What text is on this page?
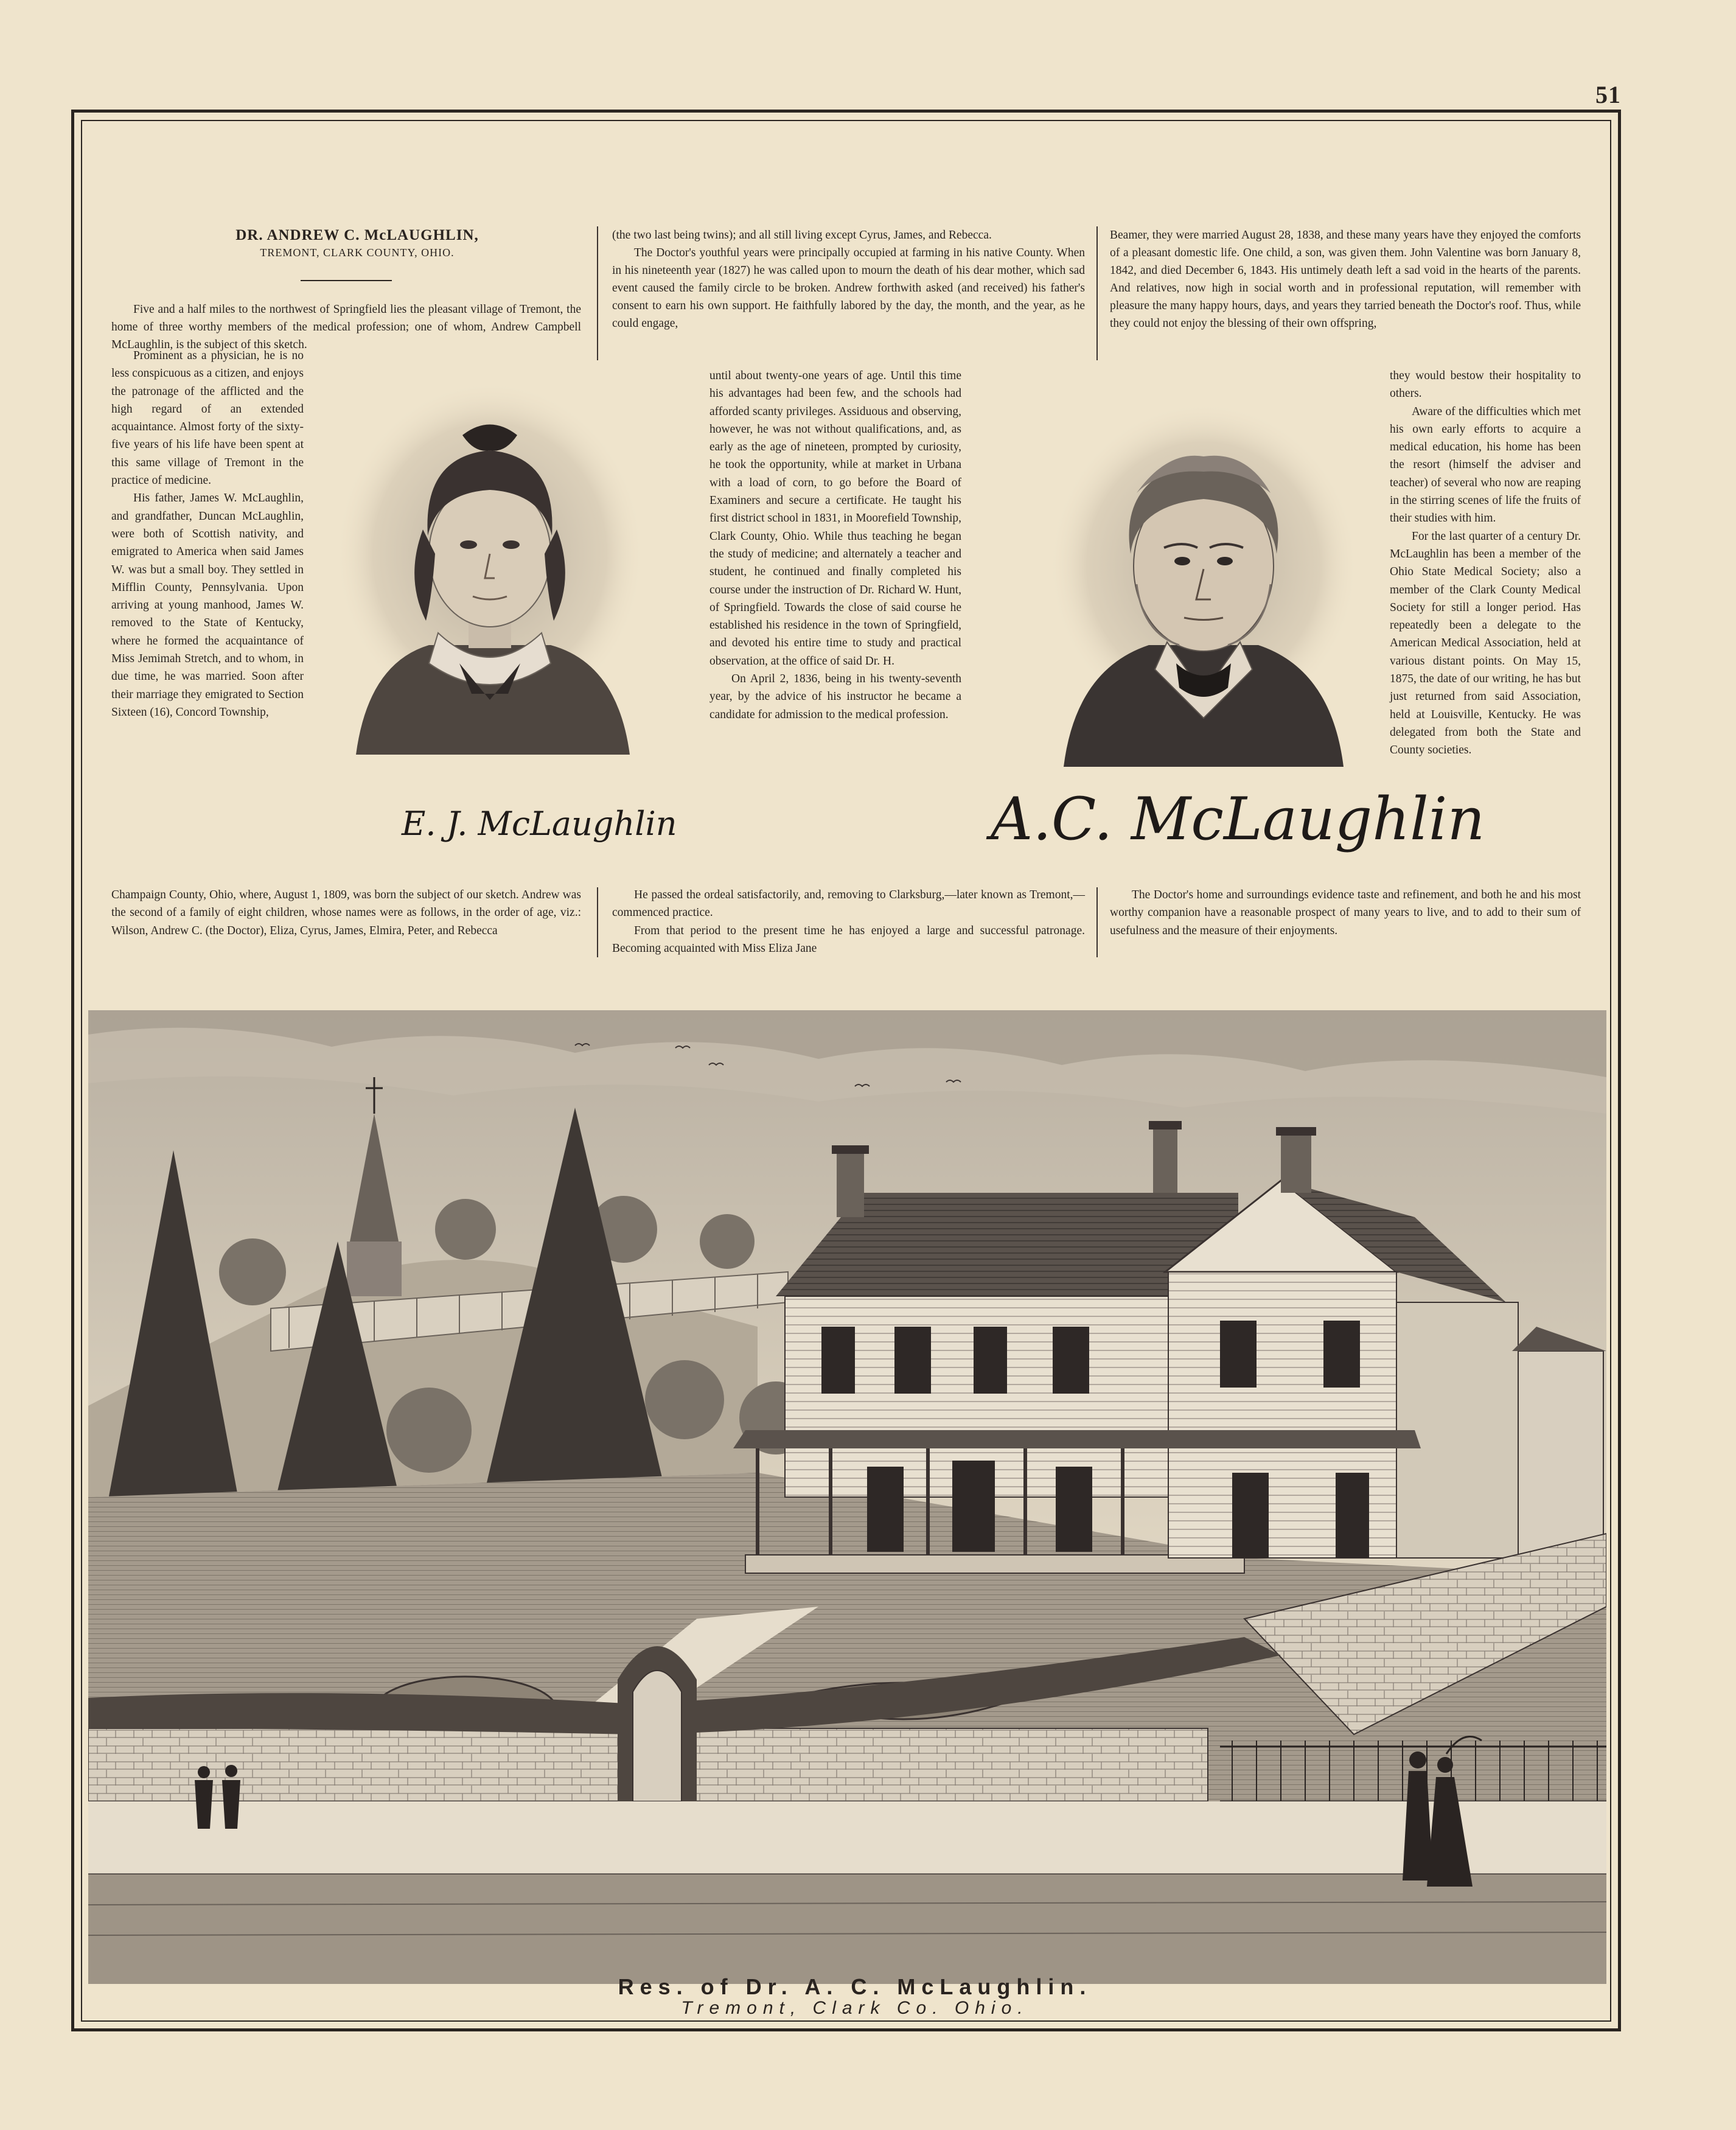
51

DR. ANDREW C. McLAUGHLIN,

TREMONT, CLARK COUNTY, OHIO.

Five and a half miles to the northwest of Springfield lies the pleasant village of Tremont, the home of three worthy members of the medical profession; one of whom, Andrew Campbell McLaughlin, is the subject of this sketch.

Prominent as a physician, he is no less conspicuous as a citizen, and enjoys the patronage of the afflicted and the high regard of an extended acquaintance. Almost forty of the sixty-five years of his life have been spent at this same village of Tremont in the practice of medicine.

His father, James W. McLaughlin, and grandfather, Duncan McLaughlin, were both of Scottish nativity, and emigrated to America when said James W. was but a small boy. They settled in Mifflin County, Pennsylvania. Upon arriving at young manhood, James W. removed to the State of Kentucky, where he formed the acquaintance of Miss Jemimah Stretch, and to whom, in due time, he was married. Soon after their marriage they emigrated to Section Sixteen (16), Concord Township,

Champaign County, Ohio, where, August 1, 1809, was born the subject of our sketch. Andrew was the second of a family of eight children, whose names were as follows, in the order of age, viz.: Wilson, Andrew C. (the Doctor), Eliza, Cyrus, James, Elmira, Peter, and Rebecca

(the two last being twins); and all still living except Cyrus, James, and Rebecca.

The Doctor's youthful years were principally occupied at farming in his native County. When in his nineteenth year (1827) he was called upon to mourn the death of his dear mother, which sad event caused the family circle to be broken. Andrew forthwith asked (and received) his father's consent to earn his own support. He faithfully labored by the day, the month, and the year, as he could engage,

until about twenty-one years of age. Until this time his advantages had been few, and the schools had afforded scanty privileges. Assiduous and observing, however, he was not without qualifications, and, as early as the age of nineteen, prompted by curiosity, he took the opportunity, while at market in Urbana with a load of corn, to go before the Board of Examiners and secure a certificate. He taught his first district school in 1831, in Moorefield Township, Clark County, Ohio. While thus teaching he began the study of medicine; and alternately a teacher and student, he continued and finally completed his course under the instruction of Dr. Richard W. Hunt, of Springfield. Towards the close of said course he established his residence in the town of Springfield, and devoted his entire time to study and practical observation, at the office of said Dr. H.

On April 2, 1836, being in his twenty-seventh year, by the advice of his instructor he became a candidate for admission to the medical profession.

He passed the ordeal satisfactorily, and, removing to Clarksburg,—later known as Tremont,—commenced practice.

From that period to the present time he has enjoyed a large and successful patronage. Becoming acquainted with Miss Eliza Jane

Beamer, they were married August 28, 1838, and these many years have they enjoyed the comforts of a pleasant domestic life. One child, a son, was given them. John Valentine was born January 8, 1842, and died December 6, 1843. His untimely death left a sad void in the hearts of the parents. And relatives, now high in social worth and in professional reputation, will remember with pleasure the many happy hours, days, and years they tarried beneath the Doctor's roof. Thus, while they could not enjoy the blessing of their own offspring,

they would bestow their hospitality to others.

Aware of the difficulties which met his own early efforts to acquire a medical education, his home has been the resort (himself the adviser and teacher) of several who now are reaping in the stirring scenes of life the fruits of their studies with him.

For the last quarter of a century Dr. McLaughlin has been a member of the Ohio State Medical Society; also a member of the Clark County Medical Society for still a longer period. Has repeatedly been a delegate to the American Medical Association, held at various distant points. On May 15, 1875, the date of our writing, he has but just returned from said Association, held at Louisville, Kentucky. He was delegated from both the State and County societies.

The Doctor's home and surroundings evidence taste and refinement, and both he and his most worthy companion have a reasonable prospect of many years to live, and to add to their sum of usefulness and the measure of their enjoyments.

E. J. McLaughlin	A.C. McLaughlin
Res. of Dr. A. C. McLaughlin.
Tremont, Clark Co. Ohio.
